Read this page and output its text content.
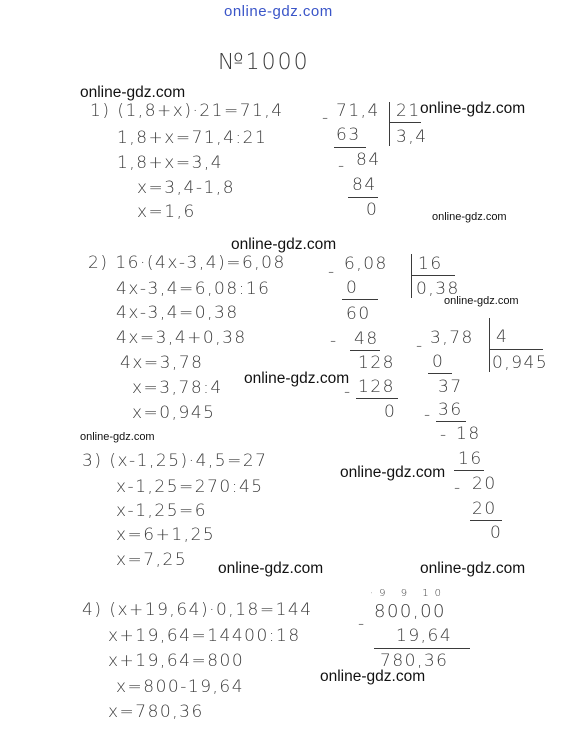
online-gdz.com
№1000
online-gdz.com
online-gdz.com
online-gdz.com
online-gdz.com
online-gdz.com
online-gdz.com
online-gdz.com
online-gdz.com
online-gdz.com	online-gdz.com
online-gdz.com
1) (1,8+x)·21=71,4
1,8+x=71,4:21
1,8+x=3,4
x=3,4-1,8
x=1,6
- 71,4 21
3,4
63
- 84
84
0
2) 16·(4x-3,4)=6,08
4x-3,4=6,08:16
4x-3,4=0,38
4x=3,4+0,38
4x=3,78
x=3,78:4
x=0,945
- 6,08 16
0,38
0
60
- 48
128
- 128
0
- 3,78 4
0,945
0
37
- 36
- 18
16
- 20
20
0
3) (x-1,25)·4,5=27
x-1,25=270:45
x-1,25=6
x=6+1,25
x=7,25
4) (x+19,64)·0,18=144
x+19,64=14400:18
x+19,64=800
x=800-19,64
x=780,36
·9 9 10
800,00
-
19,64
780,36
